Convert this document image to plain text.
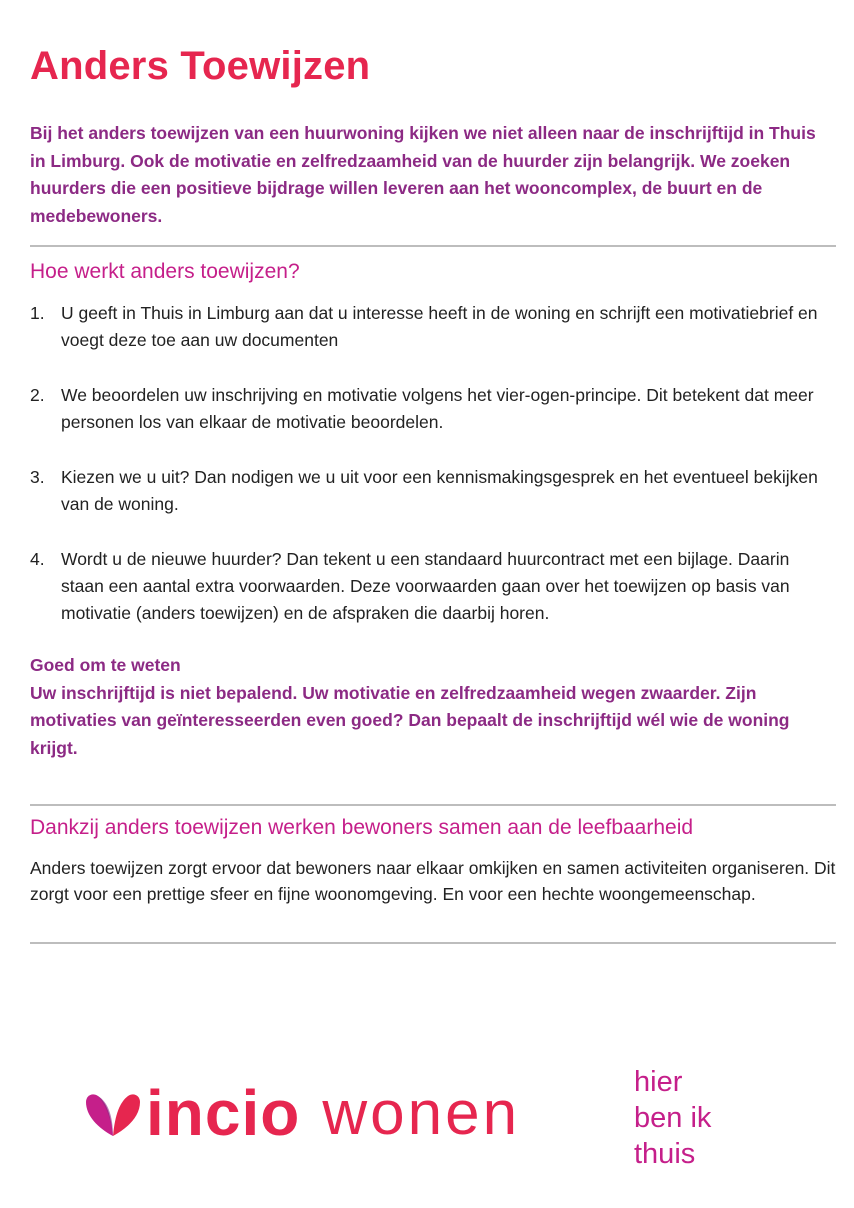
Anders Toewijzen

Bij het anders toewijzen van een huurwoning kijken we niet alleen naar de inschrijftijd in Thuis in Limburg. Ook de motivatie en zelfredzaamheid van de huurder zijn belangrijk. We zoeken huurders die een positieve bijdrage willen leveren aan het wooncomplex, de buurt en de medebewoners.

Hoe werkt anders toewijzen?
1. U geeft in Thuis in Limburg aan dat u interesse heeft in de woning en schrijft een motivatiebrief en voegt deze toe aan uw documenten
2. We beoordelen uw inschrijving en motivatie volgens het vier-ogen-principe. Dit betekent dat meer personen los van elkaar de motivatie beoordelen.
3. Kiezen we u uit? Dan nodigen we u uit voor een kennismakingsgesprek en het eventueel bekijken van de woning.
4. Wordt u de nieuwe huurder? Dan tekent u een standaard huurcontract met een bijlage. Daarin staan een aantal extra voorwaarden. Deze voorwaarden gaan over het toewijzen op basis van motivatie (anders toewijzen) en de afspraken die daarbij horen.

Goed om te weten

Uw inschrijftijd is niet bepalend. Uw motivatie en zelfredzaamheid wegen zwaarder. Zijn motivaties van geïnteresseerden even goed? Dan bepaalt de inschrijftijd wél wie de woning krijgt.

Dankzij anders toewijzen werken bewoners samen aan de leefbaarheid

Anders toewijzen zorgt ervoor dat bewoners naar elkaar omkijken en samen activiteiten organiseren. Dit zorgt voor een prettige sfeer en fijne woonomgeving. En voor een hechte woongemeenschap.

incio wonen	hier
ben ik
thuis
